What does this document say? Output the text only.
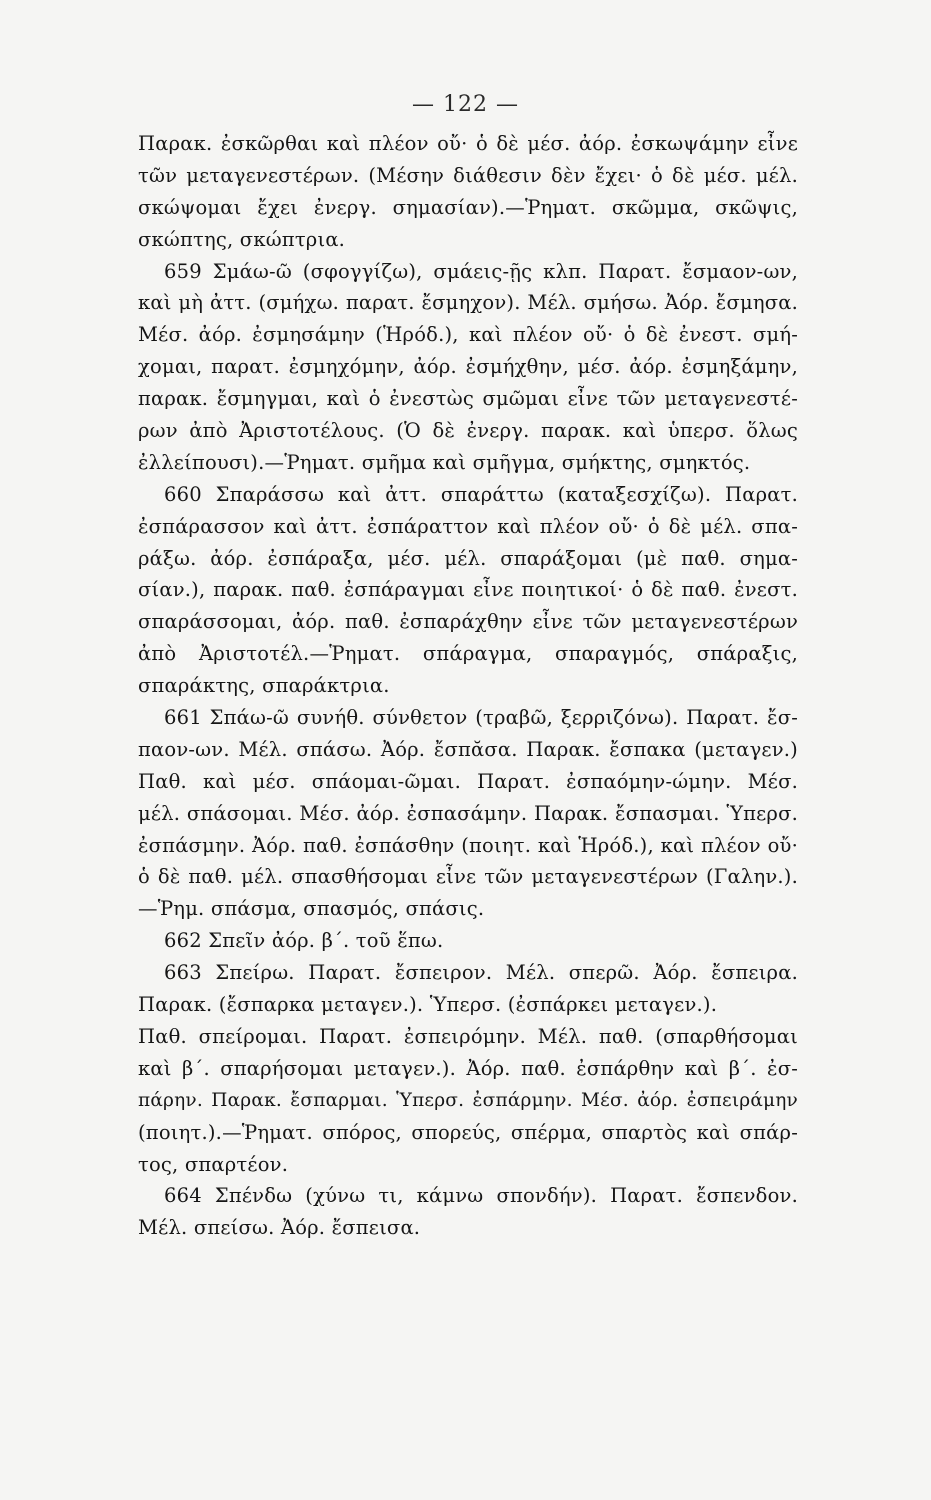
— 122 —
Παρακ. ἐσκῶρθαι καὶ πλέον οὔ· ὁ δὲ μέσ. ἀόρ. ἐσκωψάμην εἶνε
τῶν μεταγενεστέρων. (Μέσην διάθεσιν δὲν ἔχει· ὁ δὲ μέσ. μέλ.
σκώψομαι ἔχει ἐνεργ. σημασίαν).—Ῥηματ. σκῶμμα, σκῶψις,
σκώπτης, σκώπτρια.
659 Σμάω-ῶ (σφογγίζω), σμάεις-ῇς κλπ. Παρατ. ἔσμαον-ων,
καὶ μὴ ἀττ. (σμήχω. παρατ. ἔσμηχον). Μέλ. σμήσω. Ἀόρ. ἔσμησα.
Μέσ. ἀόρ. ἐσμησάμην (Ἡρόδ.), καὶ πλέον οὔ· ὁ δὲ ἐνεστ. σμή-
χομαι, παρατ. ἐσμηχόμην, ἀόρ. ἐσμήχθην, μέσ. ἀόρ. ἐσμηξάμην,
παρακ. ἔσμηγμαι, καὶ ὁ ἐνεστὼς σμῶμαι εἶνε τῶν μεταγενεστέ-
ρων ἀπὸ Ἀριστοτέλους. (Ὁ δὲ ἐνεργ. παρακ. καὶ ὑπερσ. ὅλως
ἐλλείπουσι).—Ῥηματ. σμῆμα καὶ σμῆγμα, σμήκτης, σμηκτός.
660 Σπαράσσω καὶ ἀττ. σπαράττω (καταξεσχίζω). Παρατ.
ἐσπάρασσον καὶ ἀττ. ἐσπάραττον καὶ πλέον οὔ· ὁ δὲ μέλ. σπα-
ράξω. ἀόρ. ἐσπάραξα, μέσ. μέλ. σπαράξομαι (μὲ παθ. σημα-
σίαν.), παρακ. παθ. ἐσπάραγμαι εἶνε ποιητικοί· ὁ δὲ παθ. ἐνεστ.
σπαράσσομαι, ἀόρ. παθ. ἐσπαράχθην εἶνε τῶν μεταγενεστέρων
ἀπὸ Ἀριστοτέλ.—Ῥηματ. σπάραγμα, σπαραγμός, σπάραξις,
σπαράκτης, σπαράκτρια.
661 Σπάω-ῶ συνήθ. σύνθετον (τραβῶ, ξερριζόνω). Παρατ. ἔσ-
παον-ων. Μέλ. σπάσω. Ἀόρ. ἔσπᾰσα. Παρακ. ἔσπακα (μεταγεν.)
Παθ. καὶ μέσ. σπάομαι-ῶμαι. Παρατ. ἐσπαόμην-ώμην. Μέσ.
μέλ. σπάσομαι. Μέσ. ἀόρ. ἐσπασάμην. Παρακ. ἔσπασμαι. Ὑπερσ.
ἐσπάσμην. Ἀόρ. παθ. ἐσπάσθην (ποιητ. καὶ Ἡρόδ.), καὶ πλέον οὔ·
ὁ δὲ παθ. μέλ. σπασθήσομαι εἶνε τῶν μεταγενεστέρων (Γαλην.).
—Ῥημ. σπάσμα, σπασμός, σπάσις.
662 Σπεῖν ἀόρ. β΄. τοῦ ἕπω.
663 Σπείρω. Παρατ. ἔσπειρον. Μέλ. σπερῶ. Ἀόρ. ἔσπειρα.
Παρακ. (ἔσπαρκα μεταγεν.). Ὑπερσ. (ἐσπάρκει μεταγεν.).
Παθ. σπείρομαι. Παρατ. ἐσπειρόμην. Μέλ. παθ. (σπαρθήσομαι
καὶ β΄. σπαρήσομαι μεταγεν.). Ἀόρ. παθ. ἐσπάρθην καὶ β΄. ἐσ-
πάρην. Παρακ. ἔσπαρμαι. Ὑπερσ. ἐσπάρμην. Μέσ. ἀόρ. ἐσπειράμην
(ποιητ.).—Ῥηματ. σπόρος, σπορεύς, σπέρμα, σπαρτὸς καὶ σπάρ-
τος, σπαρτέον.
664 Σπένδω (χύνω τι, κάμνω σπονδήν). Παρατ. ἔσπενδον.
Μέλ. σπείσω. Ἀόρ. ἔσπεισα.
